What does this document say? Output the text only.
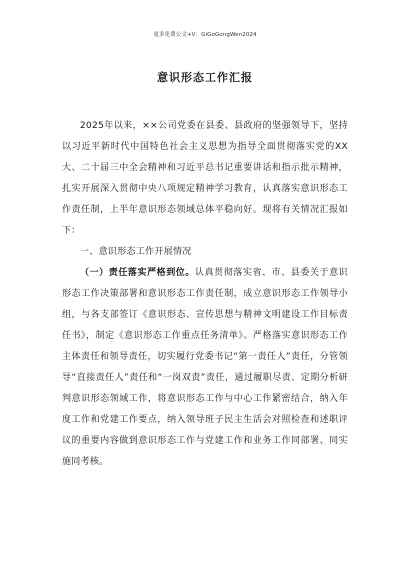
更多免费公文+V：GiGoGongWen2024
意识形态工作汇报

2025年以来，××公司党委在县委、县政府的坚强领导下，坚持以习近平新时代中国特色社会主义思想为指导全面贯彻落实党的XX大、二十届三中全会精神和习近平总书记重要讲话和指示批示精神，扎实开展深入贯彻中央八项规定精神学习教育，认真落实意识形态工作责任制，上半年意识形态领域总体平稳向好。现将有关情况汇报如下：

一、意识形态工作开展情况

（一）责任落实严格到位。认真贯彻落实省、市、县委关于意识形态工作决策部署和意识形态工作责任制，成立意识形态工作领导小组，与各支部签订《意识形态、宣传思想与精神文明建设工作目标责任书》，制定《意识形态工作重点任务清单》。严格落实意识形态工作主体责任和领导责任，切实履行党委书记“第一责任人”责任，分管领导“直接责任人”责任和“一岗双责”责任，通过履职尽责、定期分析研判意识形态领域工作，将意识形态工作与中心工作紧密结合，纳入年度工作和党建工作要点，纳入领导班子民主生活会对照检查和述职评议的重要内容做到意识形态工作与党建工作和业务工作同部署、同实施同考核。
